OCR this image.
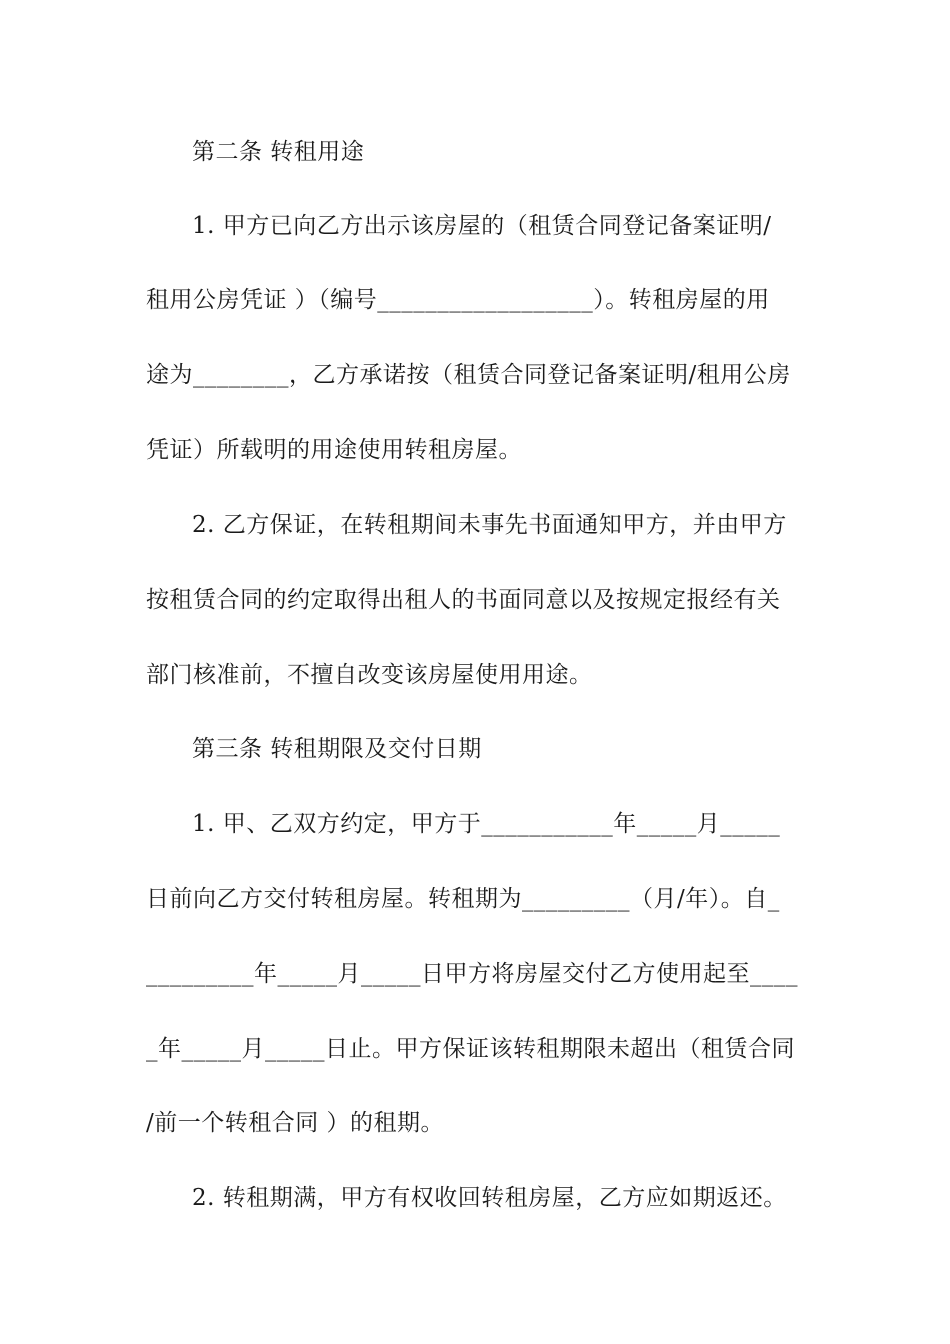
第二条 转租用途
1. 甲方已向乙方出示该房屋的（租赁合同登记备案证明/
租用公房凭证 ）（编号__________________）。转租房屋的用
途为________，乙方承诺按（租赁合同登记备案证明/租用公房
凭证）所载明的用途使用转租房屋。
2. 乙方保证，在转租期间未事先书面通知甲方，并由甲方
按租赁合同的约定取得出租人的书面同意以及按规定报经有关
部门核准前，不擅自改变该房屋使用用途。
第三条 转租期限及交付日期
1. 甲、乙双方约定，甲方于___________年_____月_____
日前向乙方交付转租房屋。转租期为_________（月/年）。自_
_________年_____月_____日甲方将房屋交付乙方使用起至____
_年_____月_____日止。甲方保证该转租期限未超出（租赁合同
/前一个转租合同 ）的租期。
2. 转租期满，甲方有权收回转租房屋，乙方应如期返还。
